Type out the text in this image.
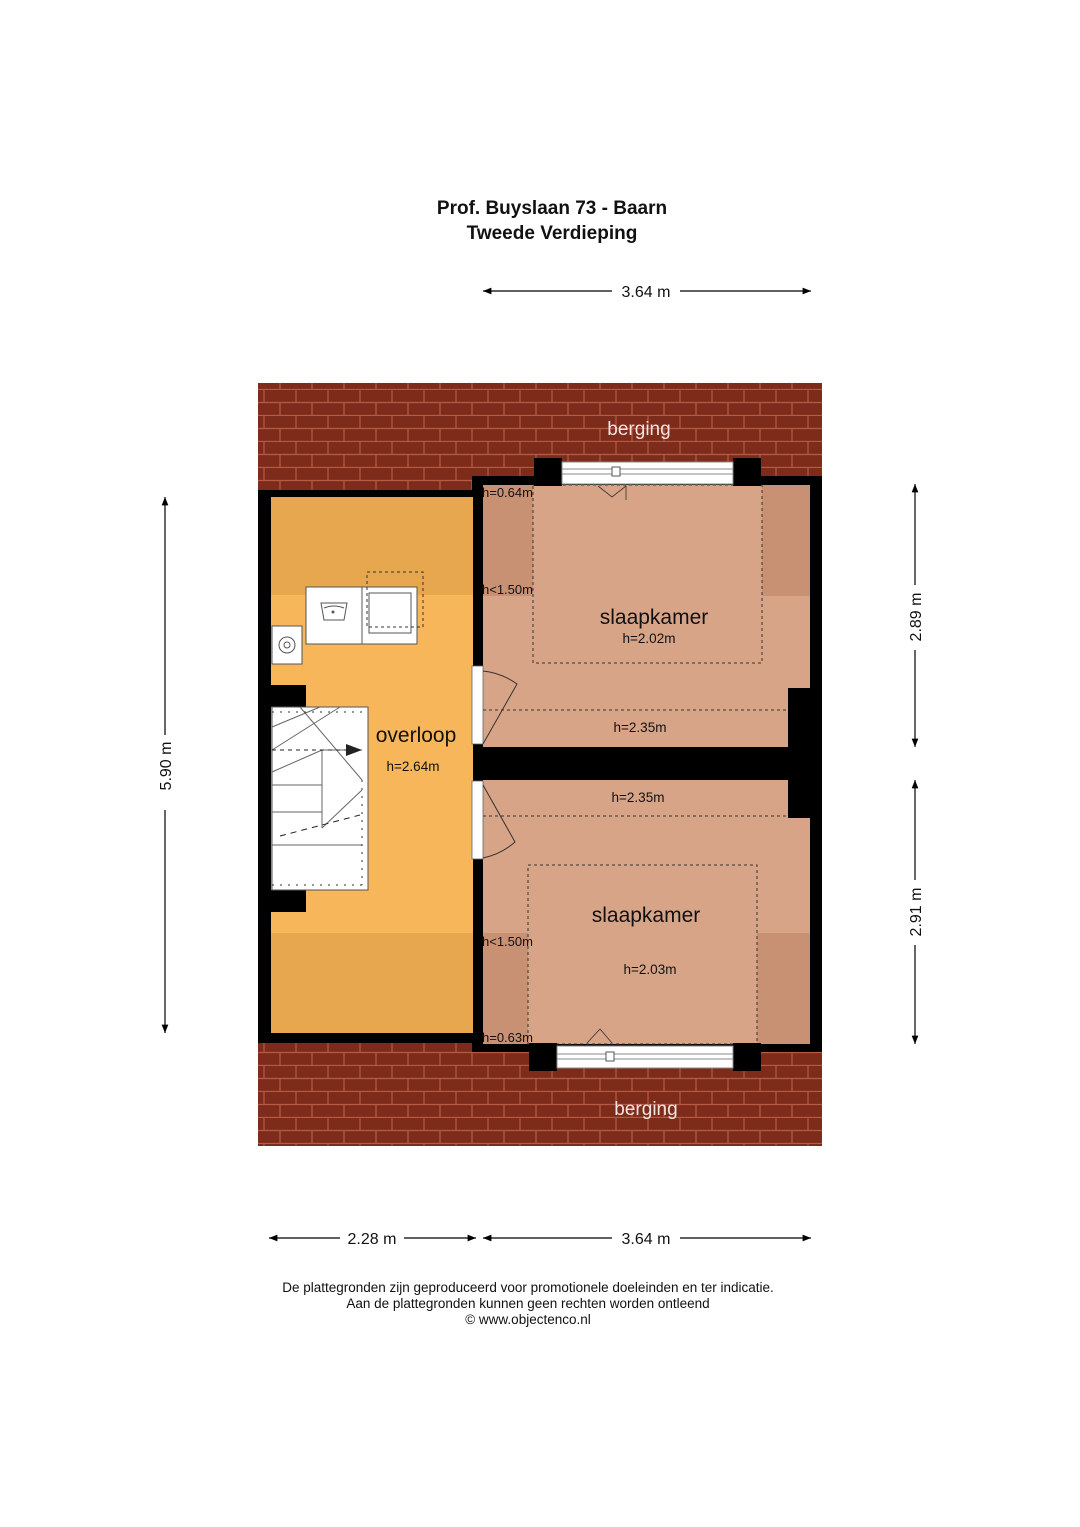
Prof. Buyslaan 73 - Baarn
Tweede Verdieping
berging
berging
overloop
h=2.64m
slaapkamer
h=2.02m
h=0.64m
h<1.50m
h=2.35m
slaapkamer
h=2.03m
h<1.50m
h=0.63m
h=2.35m
3.64 m
2.28 m	3.64 m
5.90 m
2.89 m
2.91 m
De plattegronden zijn geproduceerd voor promotionele doeleinden en ter indicatie.
Aan de plattegronden kunnen geen rechten worden ontleend
© www.objectenco.nl
